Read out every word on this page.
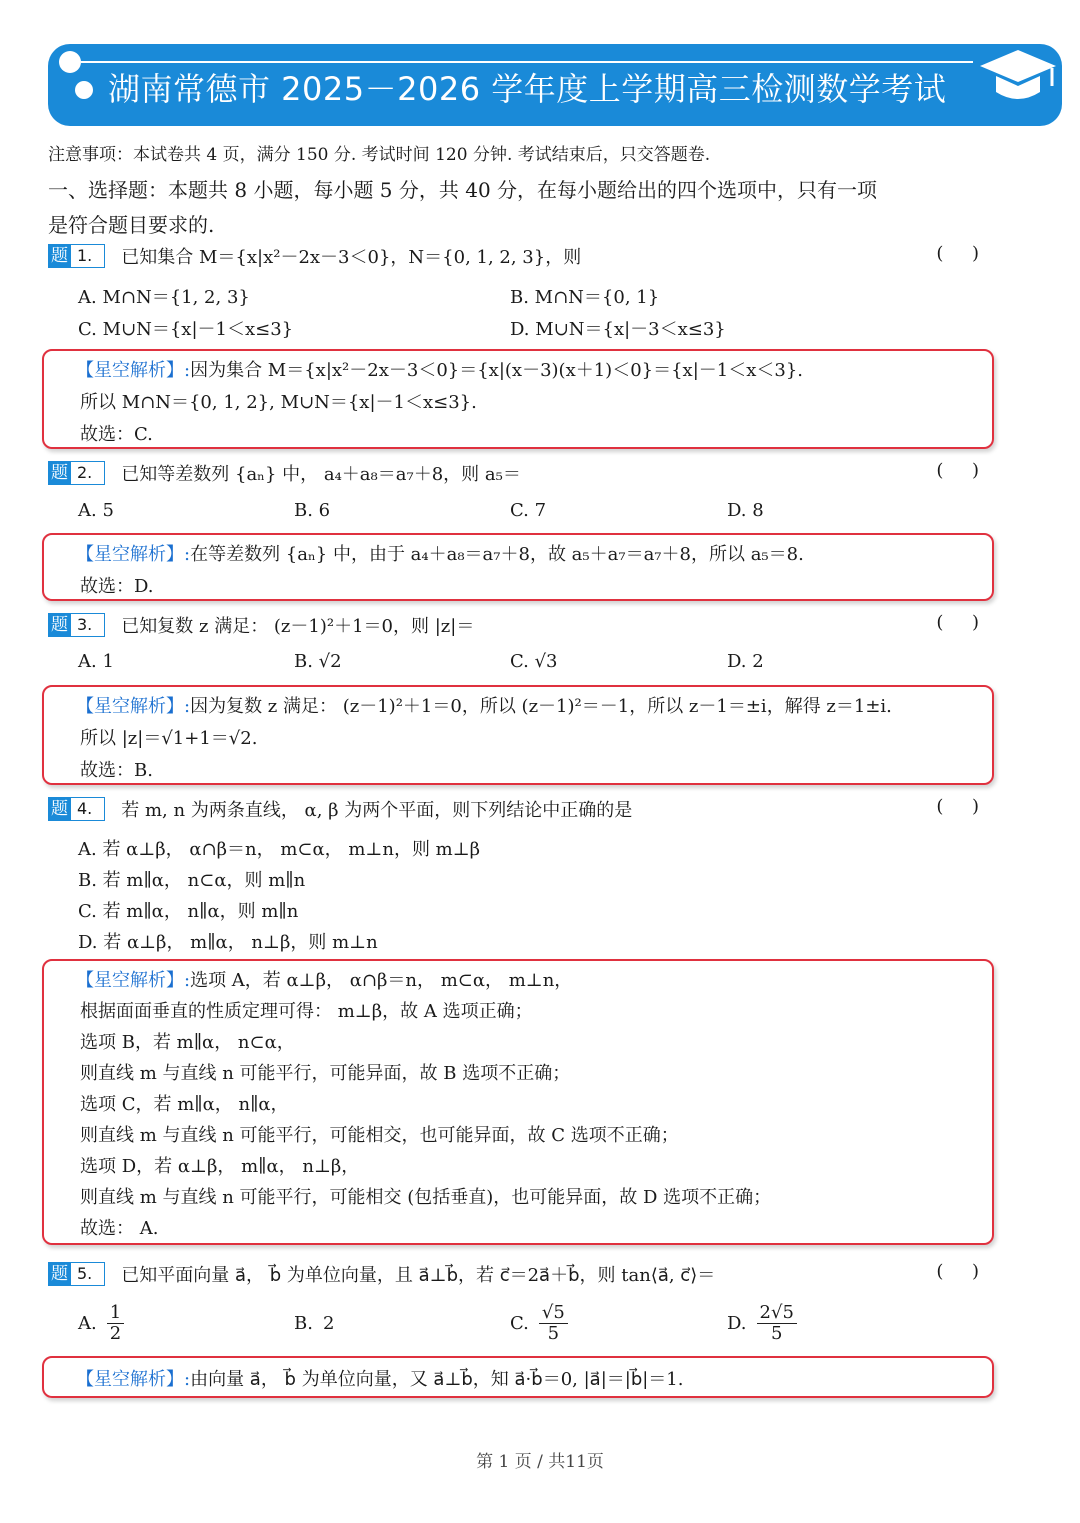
湖南常德市 2025－2026 学年度上学期高三检测数学考试
注意事项：本试卷共 4 页，满分 150 分. 考试时间 120 分钟. 考试结束后，只交答题卷.
一、选择题：本题共 8 小题，每小题 5 分，共 40 分，在每小题给出的四个选项中，只有一项
是符合题目要求的.
题 1. 已知集合 M＝{x|x²－2x－3＜0}，N＝{0, 1, 2, 3}，则	(     )
A. M∩N＝{1, 2, 3}	B. M∩N＝{0, 1}
C. M∪N＝{x|－1＜x≤3}	D. M∪N＝{x|－3＜x≤3}
【星空解析】:因为集合 M＝{x|x²－2x－3＜0}＝{x|(x－3)(x＋1)＜0}＝{x|－1＜x＜3}.
所以 M∩N＝{0, 1, 2}, M∪N＝{x|－1＜x≤3}.
故选：C.
题 2. 已知等差数列 {aₙ} 中， a₄＋a₈＝a₇＋8，则 a₅＝	(     )
A. 5	B. 6	C. 7	D. 8
【星空解析】:在等差数列 {aₙ} 中，由于 a₄＋a₈＝a₇＋8，故 a₅＋a₇＝a₇＋8，所以 a₅＝8.
故选：D.
题 3. 已知复数 z 满足： (z－1)²＋1＝0，则 |z|＝	(     )
A. 1	B. √2	C. √3	D. 2
【星空解析】:因为复数 z 满足： (z－1)²＋1＝0，所以 (z－1)²＝－1，所以 z－1＝±i，解得 z＝1±i.
所以 |z|＝√1+1＝√2.
故选：B.
题 4. 若 m, n 为两条直线， α, β 为两个平面，则下列结论中正确的是	(     )
A. 若 α⊥β， α∩β＝n， m⊂α， m⊥n，则 m⊥β
B. 若 m∥α， n⊂α，则 m∥n
C. 若 m∥α， n∥α，则 m∥n
D. 若 α⊥β， m∥α， n⊥β，则 m⊥n
【星空解析】:选项 A，若 α⊥β， α∩β＝n， m⊂α， m⊥n，
根据面面垂直的性质定理可得： m⊥β，故 A 选项正确；
选项 B，若 m∥α， n⊂α，
则直线 m 与直线 n 可能平行，可能异面，故 B 选项不正确；
选项 C，若 m∥α， n∥α，
则直线 m 与直线 n 可能平行，可能相交，也可能异面，故 C 选项不正确；
选项 D，若 α⊥β， m∥α， n⊥β，
则直线 m 与直线 n 可能平行，可能相交 (包括垂直)，也可能异面，故 D 选项不正确；
故选： A.
题 5. 已知平面向量 a⃗， b⃗ 为单位向量，且 a⃗⊥b⃗，若 c⃗＝2a⃗＋b⃗，则 tan⟨a⃗, c⃗⟩＝	(     )
A. $\frac{1}{2}$	B. 2	C. $\frac{√5}{5}$	D. $\frac{2√5}{5}$
【星空解析】:由向量 a⃗， b⃗ 为单位向量，又 a⃗⊥b⃗，知 a⃗·b⃗＝0, |a⃗|＝|b⃗|＝1.
第 1 页 / 共11页
